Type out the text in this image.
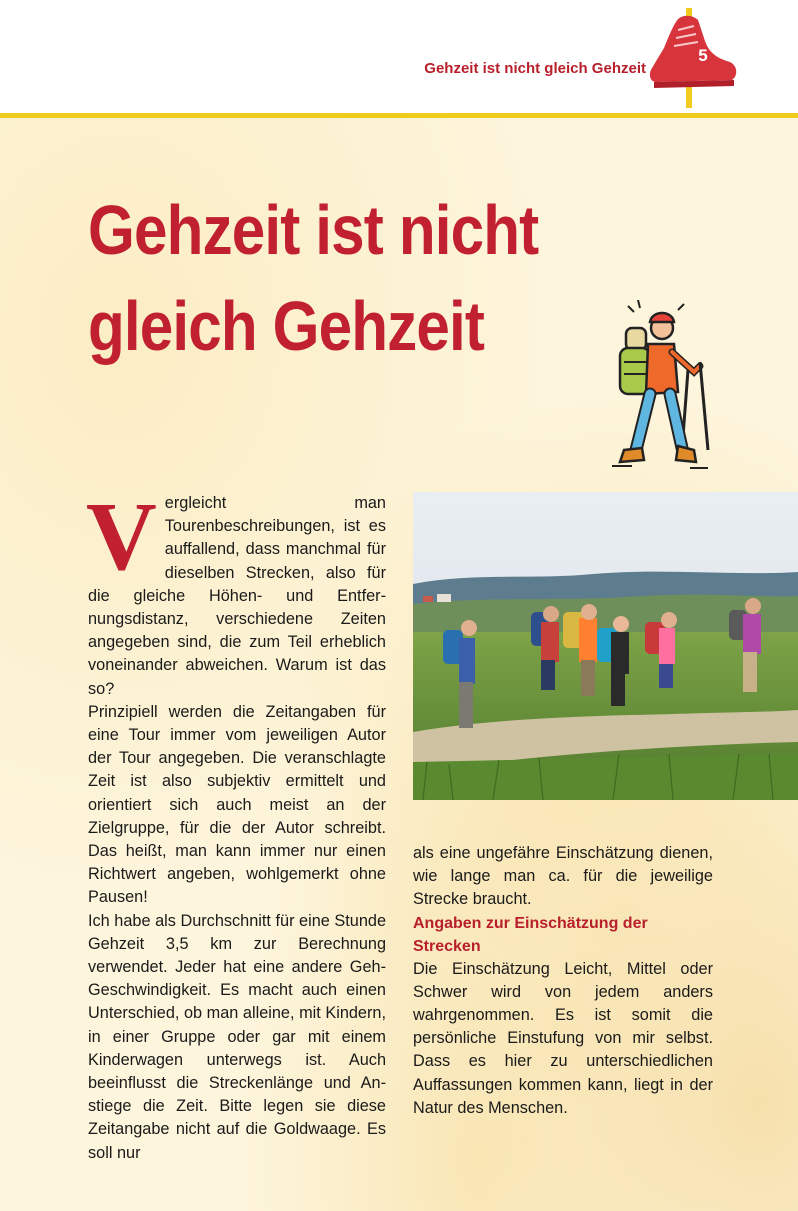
Gehzeit ist nicht gleich Gehzeit
5
Gehzeit ist nicht
gleich Gehzeit

Vergleicht man Tourenbeschreibungen, ist es auffallend, dass manchmal für dieselben Strecken, also für die gleiche Höhen- und Entfernungsdistanz, verschiedene Zeiten angegeben sind, die zum Teil erheblich voneinander abweichen. Warum ist das so?

Prinzipiell werden die Zeitangaben für eine Tour immer vom jeweiligen Autor der Tour angegeben. Die veranschlagte Zeit ist also subjektiv ermittelt und orientiert sich auch meist an der Zielgruppe, für die der Autor schreibt. Das heißt, man kann immer nur einen Richtwert angeben, wohlgemerkt ohne Pausen!

Ich habe als Durchschnitt für eine Stunde Gehzeit 3,5 km zur Berechnung verwendet. Jeder hat eine andere Geh-Geschwindigkeit. Es macht auch einen Unterschied, ob man alleine, mit Kindern, in einer Gruppe oder gar mit einem Kinderwagen unterwegs ist. Auch beeinflusst die Streckenlänge und Anstiege die Zeit. Bitte legen sie diese Zeitangabe nicht auf die Goldwaage. Es soll nur

als eine ungefähre Einschätzung dienen, wie lange man ca. für die jeweilige Strecke braucht.

Angaben zur Einschätzung der Strecken

Die Einschätzung Leicht, Mittel oder Schwer wird von jedem anders wahrgenommen. Es ist somit die persönliche Einstufung von mir selbst. Dass es hier zu unterschiedlichen Auffassungen kommen kann, liegt in der Natur des Menschen.
